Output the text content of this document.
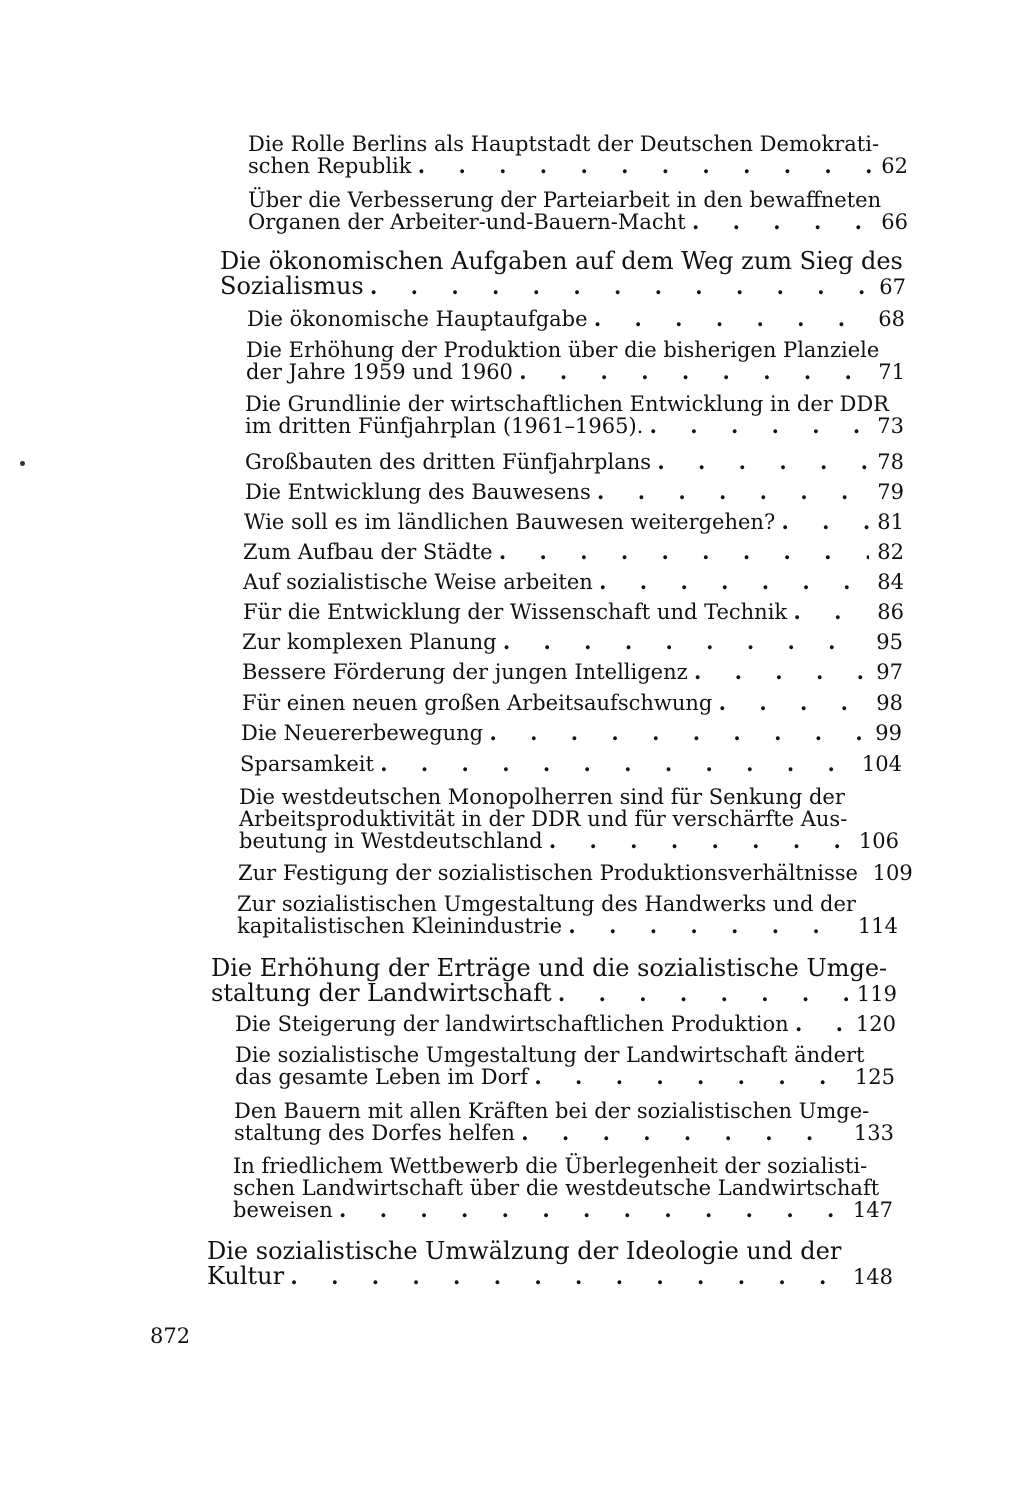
Die Rolle Berlins als Hauptstadt der Deutschen Demokrati-
schen Republik . . .	62
Über die Verbesserung der Parteiarbeit in den bewaffneten
Organen der Arbeiter-und-Bauern-Macht . . .	66
Die ökonomischen Aufgaben auf dem Weg zum Sieg des
Sozialismus . . .	67
Die ökonomische Hauptaufgabe . . .	68
Die Erhöhung der Produktion über die bisherigen Planziele
der Jahre 1959 und 1960 . . .	71
Die Grundlinie der wirtschaftlichen Entwicklung in der DDR
im dritten Fünfjahrplan (1961–1965). . . .	73
Großbauten des dritten Fünfjahrplans . . .	78
Die Entwicklung des Bauwesens . . .	79
Wie soll es im ländlichen Bauwesen weitergehen? . . .	81
Zum Aufbau der Städte . . .	82
Auf sozialistische Weise arbeiten . . .	84
Für die Entwicklung der Wissenschaft und Technik . . .	86
Zur komplexen Planung . . .	95
Bessere Förderung der jungen Intelligenz . . .	97
Für einen neuen großen Arbeitsaufschwung . . .	98
Die Neuererbewegung . . .	99
Sparsamkeit . . .	104
Die westdeutschen Monopolherren sind für Senkung der
Arbeitsproduktivität in der DDR und für verschärfte Aus-
beutung in Westdeutschland . . .	106
Zur Festigung der sozialistischen Produktionsverhältnisse . . . 109
Zur sozialistischen Umgestaltung des Handwerks und der
kapitalistischen Kleinindustrie . . .	114
Die Erhöhung der Erträge und die sozialistische Umge-
staltung der Landwirtschaft . . .	119
Die Steigerung der landwirtschaftlichen Produktion . . .	120
Die sozialistische Umgestaltung der Landwirtschaft ändert
das gesamte Leben im Dorf . . .	125
Den Bauern mit allen Kräften bei der sozialistischen Umge-
staltung des Dorfes helfen . . .	133
In friedlichem Wettbewerb die Überlegenheit der sozialisti-
schen Landwirtschaft über die westdeutsche Landwirtschaft
beweisen . . .	147
Die sozialistische Umwälzung der Ideologie und der
Kultur . . .	148
872
